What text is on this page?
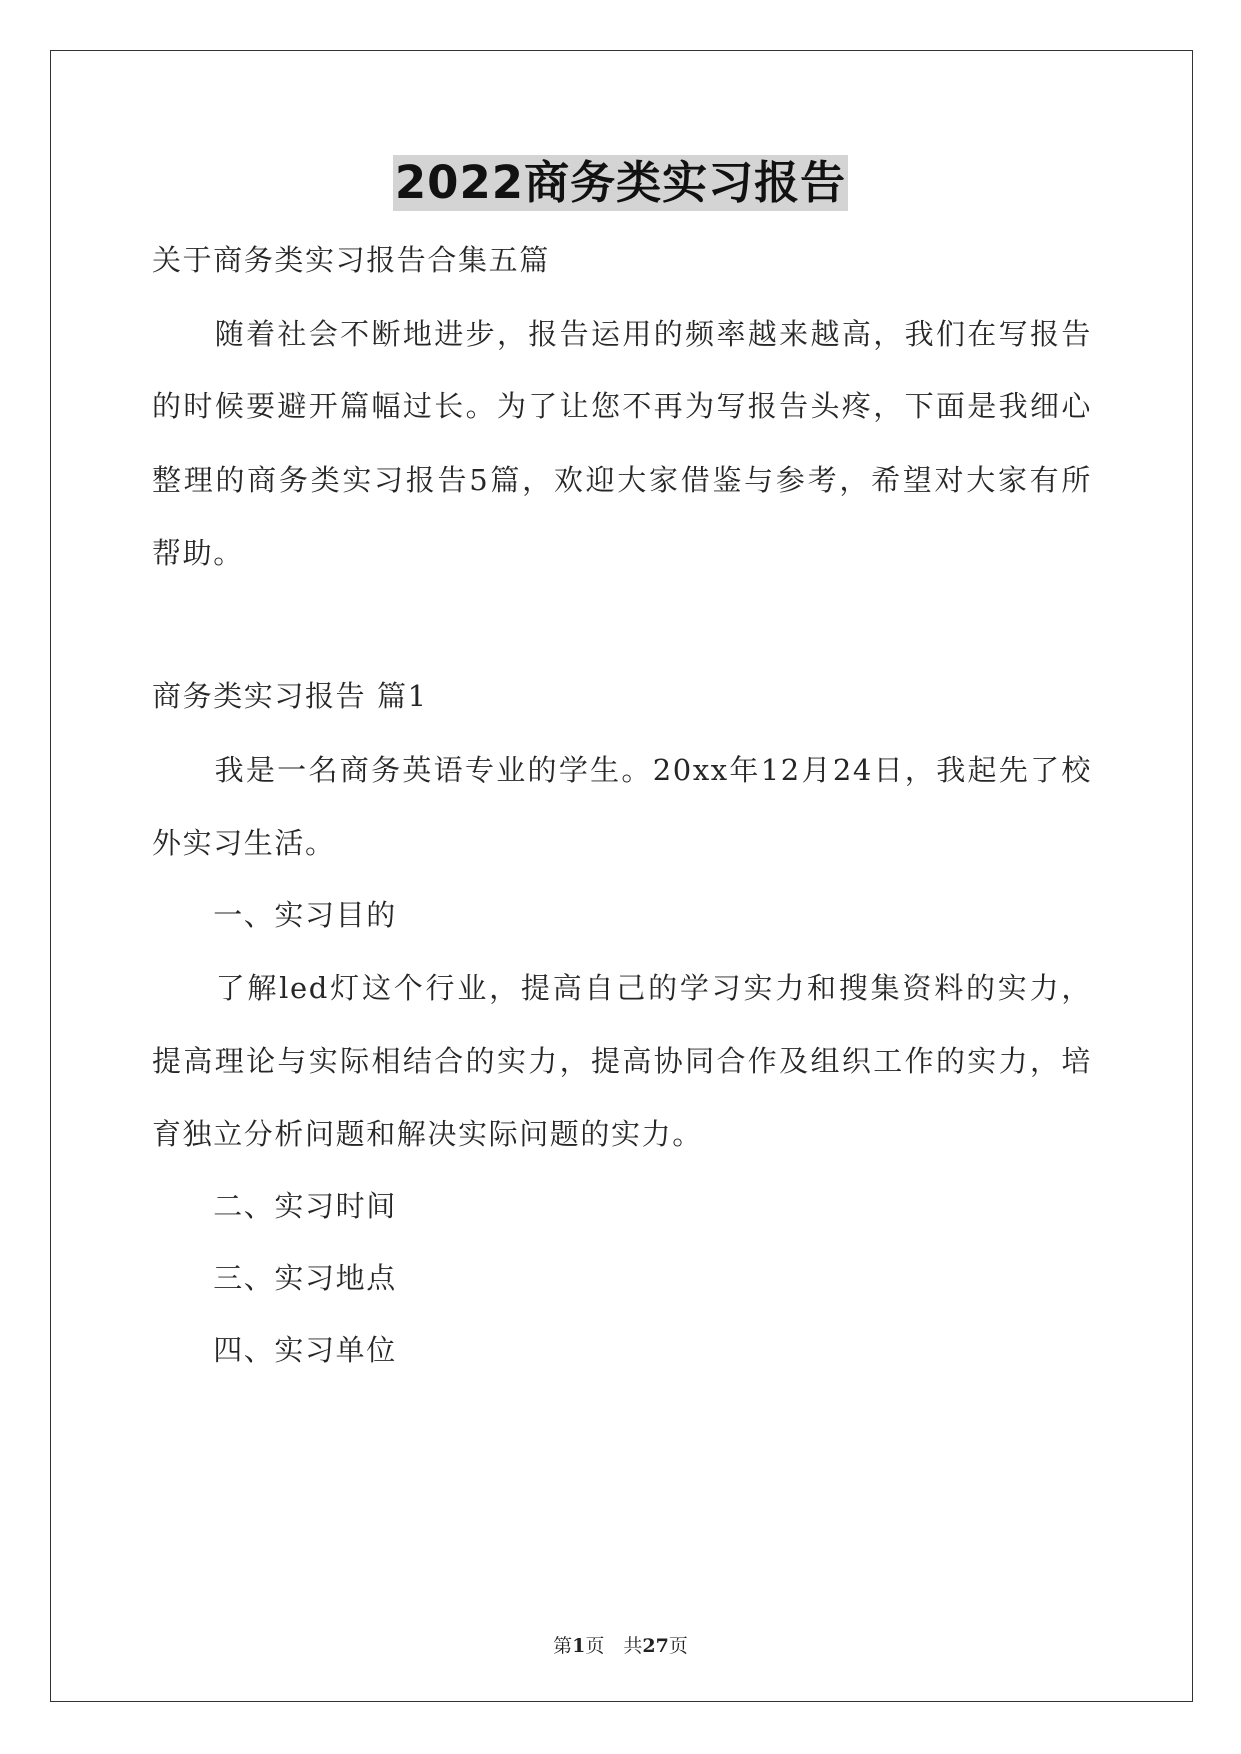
2022商务类实习报告
关于商务类实习报告合集五篇
　　随着社会不断地进步，报告运用的频率越来越高，我们在写报告
的时候要避开篇幅过长。为了让您不再为写报告头疼，下面是我细心
整理的商务类实习报告5篇，欢迎大家借鉴与参考，希望对大家有所
帮助。
商务类实习报告 篇1
　　我是一名商务英语专业的学生。20xx年12月24日，我起先了校
外实习生活。
　　一、实习目的
　　了解led灯这个行业，提高自己的学习实力和搜集资料的实力，
提高理论与实际相结合的实力，提高协同合作及组织工作的实力，培
育独立分析问题和解决实际问题的实力。
　　二、实习时间
　　三、实习地点
　　四、实习单位
第1页　共27页
